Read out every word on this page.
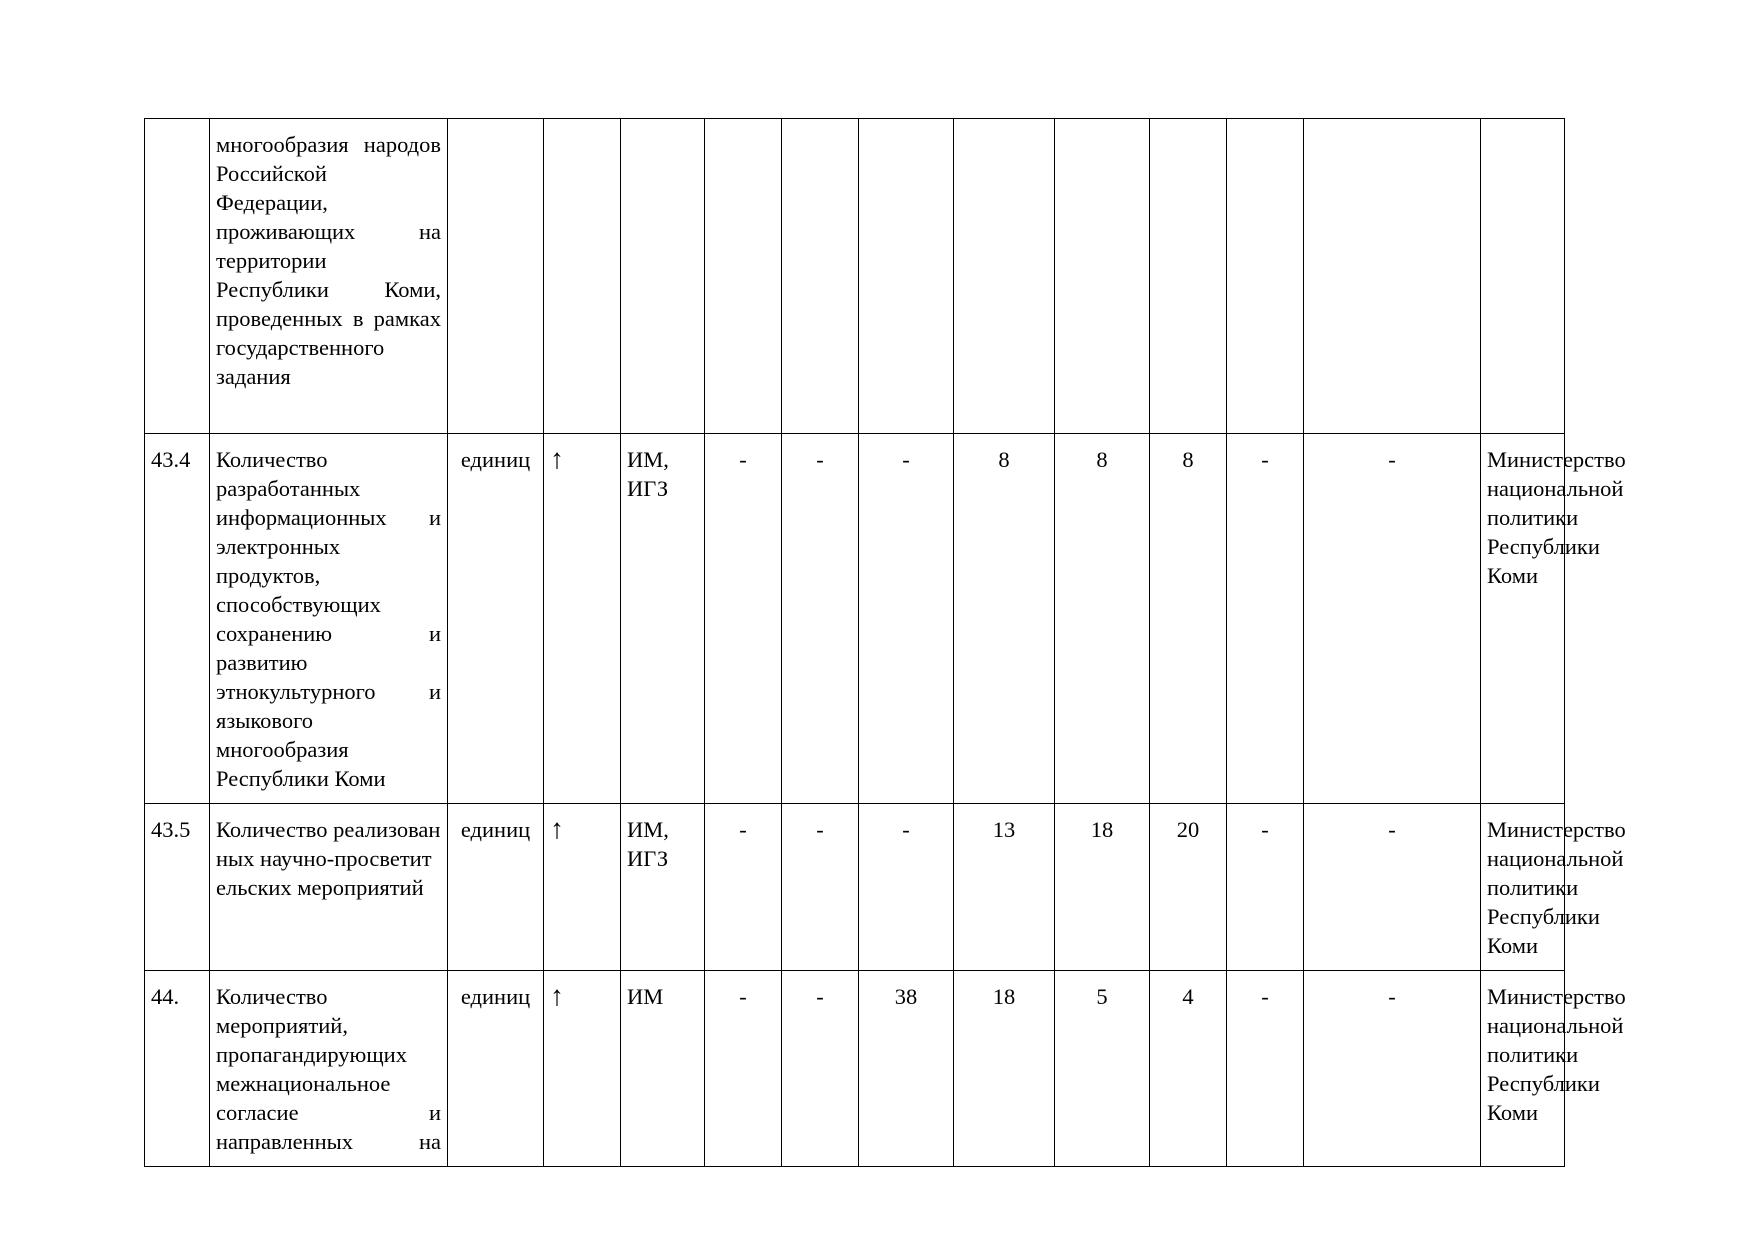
	многообразия народов Российской Федерации, проживающих на территории Республики Коми, проведенных в рамках государственного задания												

43.4	Количество разработанных информационных и электронных продуктов, способствующих сохранению и развитию этнокультурного и языкового многообразия Республики Коми	единиц	↑	ИМ, ИГЗ	-	-	-	8	8	8	-	-	Министерство национальной политики Республики Коми
43.5	Количество реализованных научно-просветительских мероприятий	единиц	↑	ИМ, ИГЗ	-	-	-	13	18	20	-	-	Министерство национальной политики Республики Коми
44.	Количество мероприятий, пропагандирующих межнациональное согласие и направленных на	единиц	↑	ИМ	-	-	38	18	5	4	-	-	Министерство национальной политики Республики Коми
